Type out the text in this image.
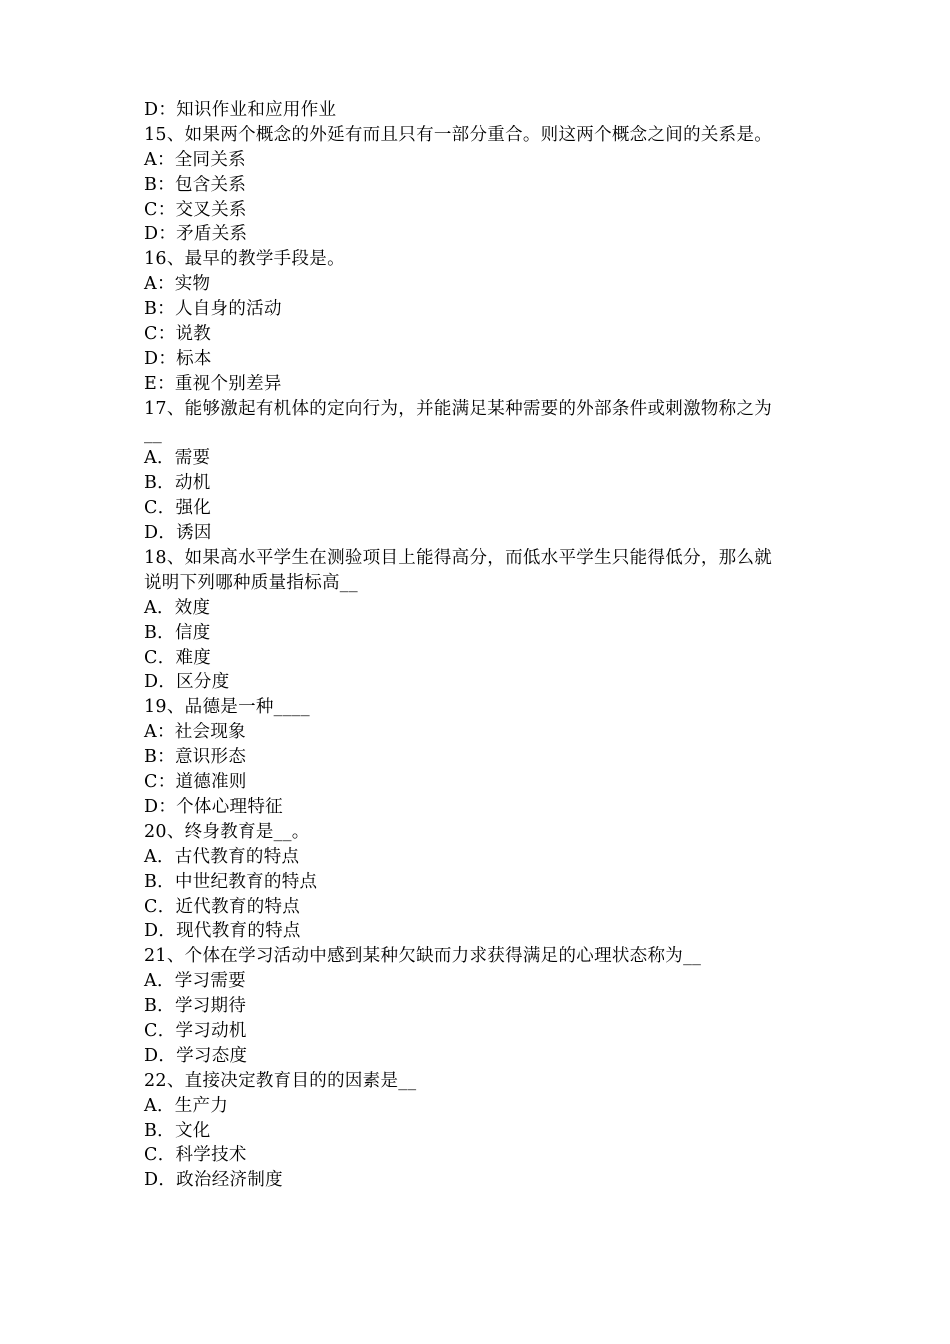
D：知识作业和应用作业
15、如果两个概念的外延有而且只有一部分重合。则这两个概念之间的关系是。
A：全同关系
B：包含关系
C：交叉关系
D：矛盾关系
16、最早的教学手段是。
A：实物
B：人自身的活动
C：说教
D：标本
E：重视个别差异
17、能够激起有机体的定向行为，并能满足某种需要的外部条件或刺激物称之为
__
A．需要
B．动机
C．强化
D．诱因
18、如果高水平学生在测验项目上能得高分，而低水平学生只能得低分，那么就
说明下列哪种质量指标高__
A．效度
B．信度
C．难度
D．区分度
19、品德是一种____
A：社会现象
B：意识形态
C：道德准则
D：个体心理特征
20、终身教育是__。
A．古代教育的特点
B．中世纪教育的特点
C．近代教育的特点
D．现代教育的特点
21、个体在学习活动中感到某种欠缺而力求获得满足的心理状态称为__
A．学习需要
B．学习期待
C．学习动机
D．学习态度
22、直接决定教育目的的因素是__
A．生产力
B．文化
C．科学技术
D．政治经济制度
